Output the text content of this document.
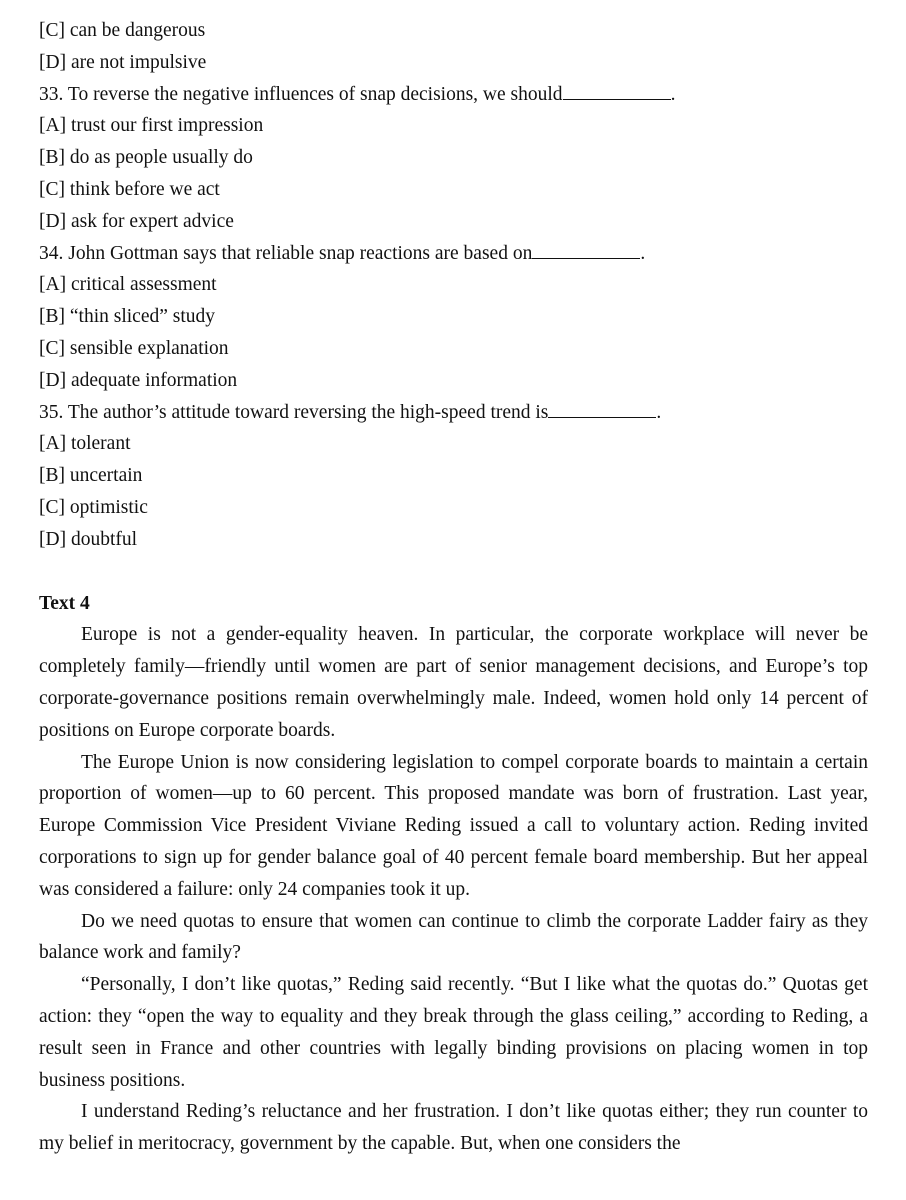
[C] can be dangerous
[D] are not impulsive
33. To reverse the negative influences of snap decisions, we should	.
[A] trust our first impression
[B] do as people usually do
[C] think before we act
[D] ask for expert advice
34. John Gottman says that reliable snap reactions are based on	.
[A] critical assessment
[B] “thin sliced” study
[C] sensible explanation
[D] adequate information
35. The author’s attitude toward reversing the high-speed trend is	.
[A] tolerant
[B] uncertain
[C] optimistic
[D] doubtful
Text 4

Europe is not a gender-equality heaven. In particular, the corporate workplace will never be completely family—friendly until women are part of senior management decisions, and Europe’s top corporate-governance positions remain overwhelmingly male. Indeed, women hold only 14 percent of positions on Europe corporate boards.

The Europe Union is now considering legislation to compel corporate boards to maintain a certain proportion of women—up to 60 percent. This proposed mandate was born of frustration. Last year, Europe Commission Vice President Viviane Reding issued a call to voluntary action. Reding invited corporations to sign up for gender balance goal of 40 percent female board membership. But her appeal was considered a failure: only 24 companies took it up.

Do we need quotas to ensure that women can continue to climb the corporate Ladder fairy as they balance work and family?

“Personally, I don’t like quotas,” Reding said recently. “But I like what the quotas do.” Quotas get action: they “open the way to equality and they break through the glass ceiling,” according to Reding, a result seen in France and other countries with legally binding provisions on placing women in top business positions.

I understand Reding’s reluctance and her frustration. I don’t like quotas either; they run counter to my belief in meritocracy, government by the capable. But, when one considers the
